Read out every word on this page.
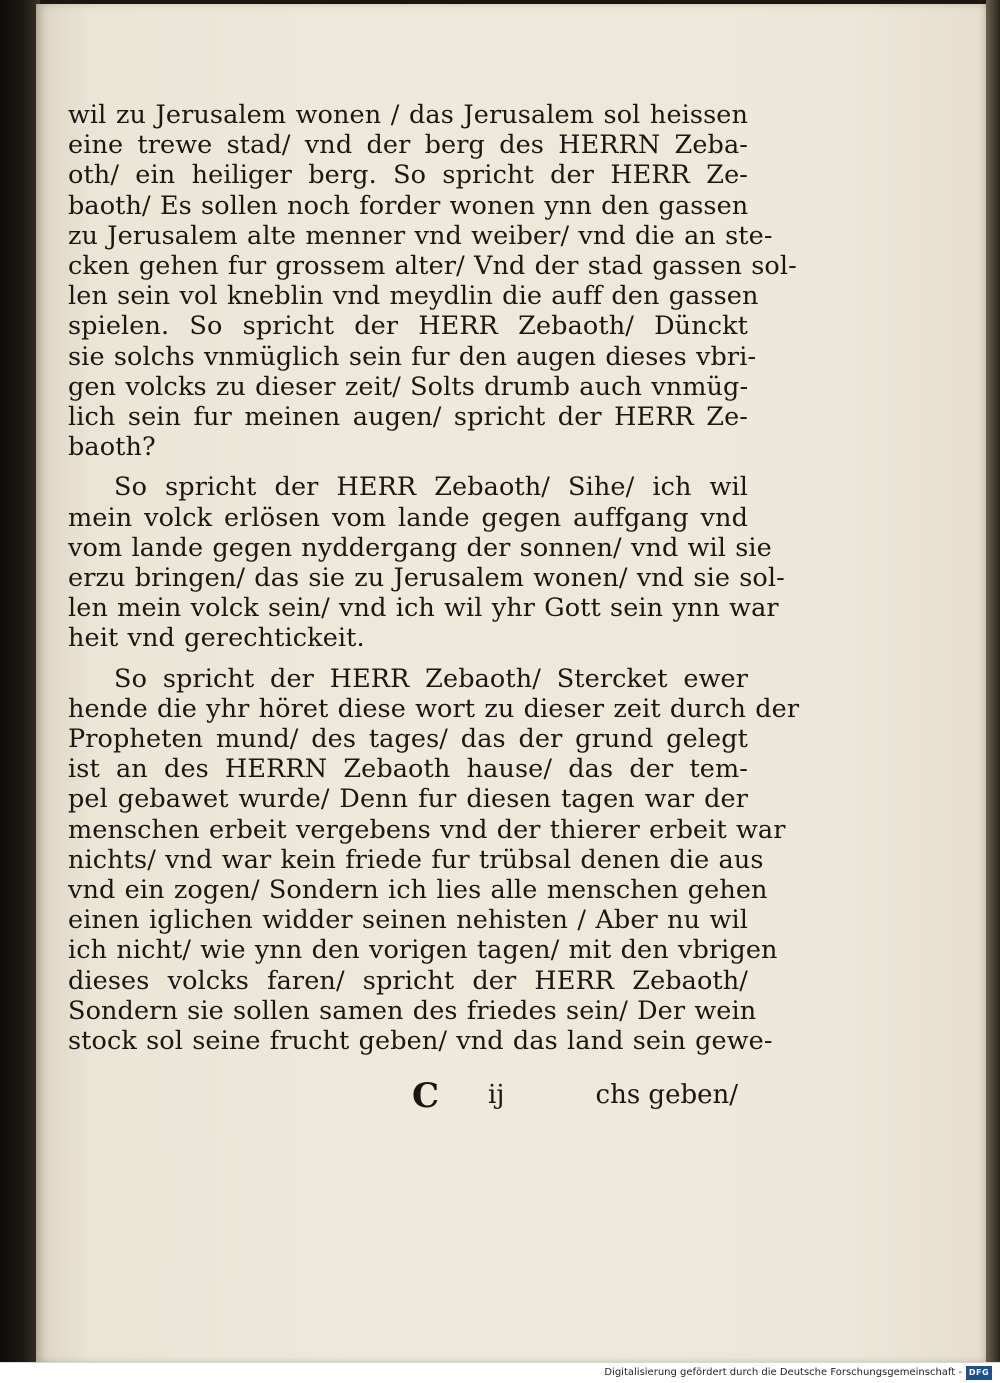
wil zu Jerusalem wonen / das Jerusalem sol heissen
eine trewe stad/ vnd der berg des HERRN Zeba-
oth/ ein heiliger berg. So spricht der HERR Ze-
baoth/ Es sollen noch forder wonen ynn den gassen
zu Jerusalem alte menner vnd weiber/ vnd die an ste-
cken gehen fur grossem alter/ Vnd der stad gassen sol-
len sein vol kneblin vnd meydlin die auff den gassen
spielen. So spricht der HERR Zebaoth/ Dünckt
sie solchs vnmüglich sein fur den augen dieses vbri-
gen volcks zu dieser zeit/ Solts drumb auch vnmüg-
lich sein fur meinen augen/ spricht der HERR Ze-
baoth?
So spricht der HERR Zebaoth/ Sihe/ ich wil
mein volck erlösen vom lande gegen auffgang vnd
vom lande gegen nyddergang der sonnen/ vnd wil sie
erzu bringen/ das sie zu Jerusalem wonen/ vnd sie sol-
len mein volck sein/ vnd ich wil yhr Gott sein ynn war
heit vnd gerechtickeit.
So spricht der HERR Zebaoth/ Stercket ewer
hende die yhr höret diese wort zu dieser zeit durch der
Propheten mund/ des tages/ das der grund gelegt
ist an des HERRN Zebaoth hause/ das der tem-
pel gebawet wurde/ Denn fur diesen tagen war der
menschen erbeit vergebens vnd der thierer erbeit war
nichts/ vnd war kein friede fur trübsal denen die aus
vnd ein zogen/ Sondern ich lies alle menschen gehen
einen iglichen widder seinen nehisten / Aber nu wil
ich nicht/ wie ynn den vorigen tagen/ mit den vbrigen
dieses volcks faren/ spricht der HERR Zebaoth/
Sondern sie sollen samen des friedes sein/ Der wein
stock sol seine frucht geben/ vnd das land sein gewe-
C ij	chs geben/
Digitalisierung gefördert durch die Deutsche Forschungsgemeinschaft - DFG
